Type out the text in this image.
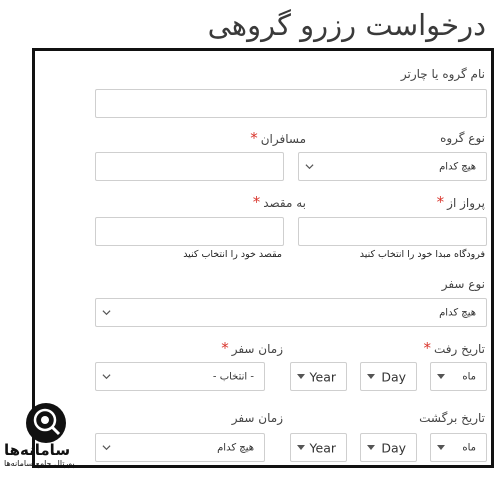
درخواست رزرو گروهی
نام گروه یا چارتر
نوع گروه
هیچ کدام
مسافران*
پرواز از*
فرودگاه مبدا خود را انتخاب کنید
به مقصد*
مقصد خود را انتخاب کنید
نوع سفر
هیچ کدام
تاریخ رفت*
زمان سفر*
ماه
Day
Year
- انتخاب -
تاریخ برگشت
زمان سفر
ماه
Day
Year
هیچ کدام
سامانه‌ها
پورتال جامع سامانه‌ها
